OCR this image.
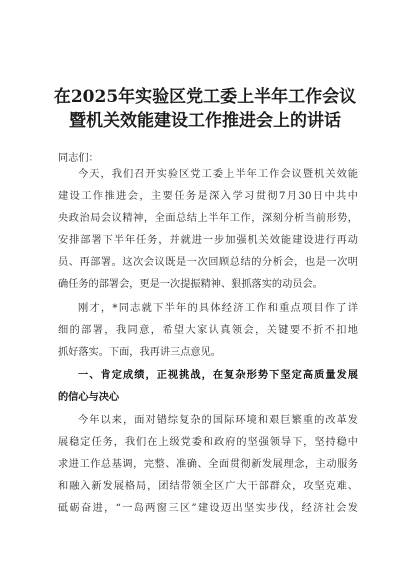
在2025年实验区党工委上半年工作会议
暨机关效能建设工作推进会上的讲话
同志们：
今天，我们召开实验区党工委上半年工作会议暨机关效能
建设工作推进会，主要任务是深入学习贯彻7月30日中共中
央政治局会议精神，全面总结上半年工作，深刻分析当前形势，
安排部署下半年任务，并就进一步加强机关效能建设进行再动
员、再部署。这次会议既是一次回顾总结的分析会，也是一次明
确任务的部署会，更是一次提振精神、狠抓落实的动员会。
刚才，*同志就下半年的具体经济工作和重点项目作了详
细的部署，我同意，希望大家认真领会，关键要不折不扣地
抓好落实。下面，我再讲三点意见。
一、肯定成绩，正视挑战，在复杂形势下坚定高质量发展
的信心与决心
今年以来，面对错综复杂的国际环境和艰巨繁重的改革发
展稳定任务，我们在上级党委和政府的坚强领导下，坚持稳中
求进工作总基调，完整、准确、全面贯彻新发展理念，主动服务
和融入新发展格局，团结带领全区广大干部群众，攻坚克难、
砥砺奋进，“一岛两窗三区”建设迈出坚实步伐，经济社会发
